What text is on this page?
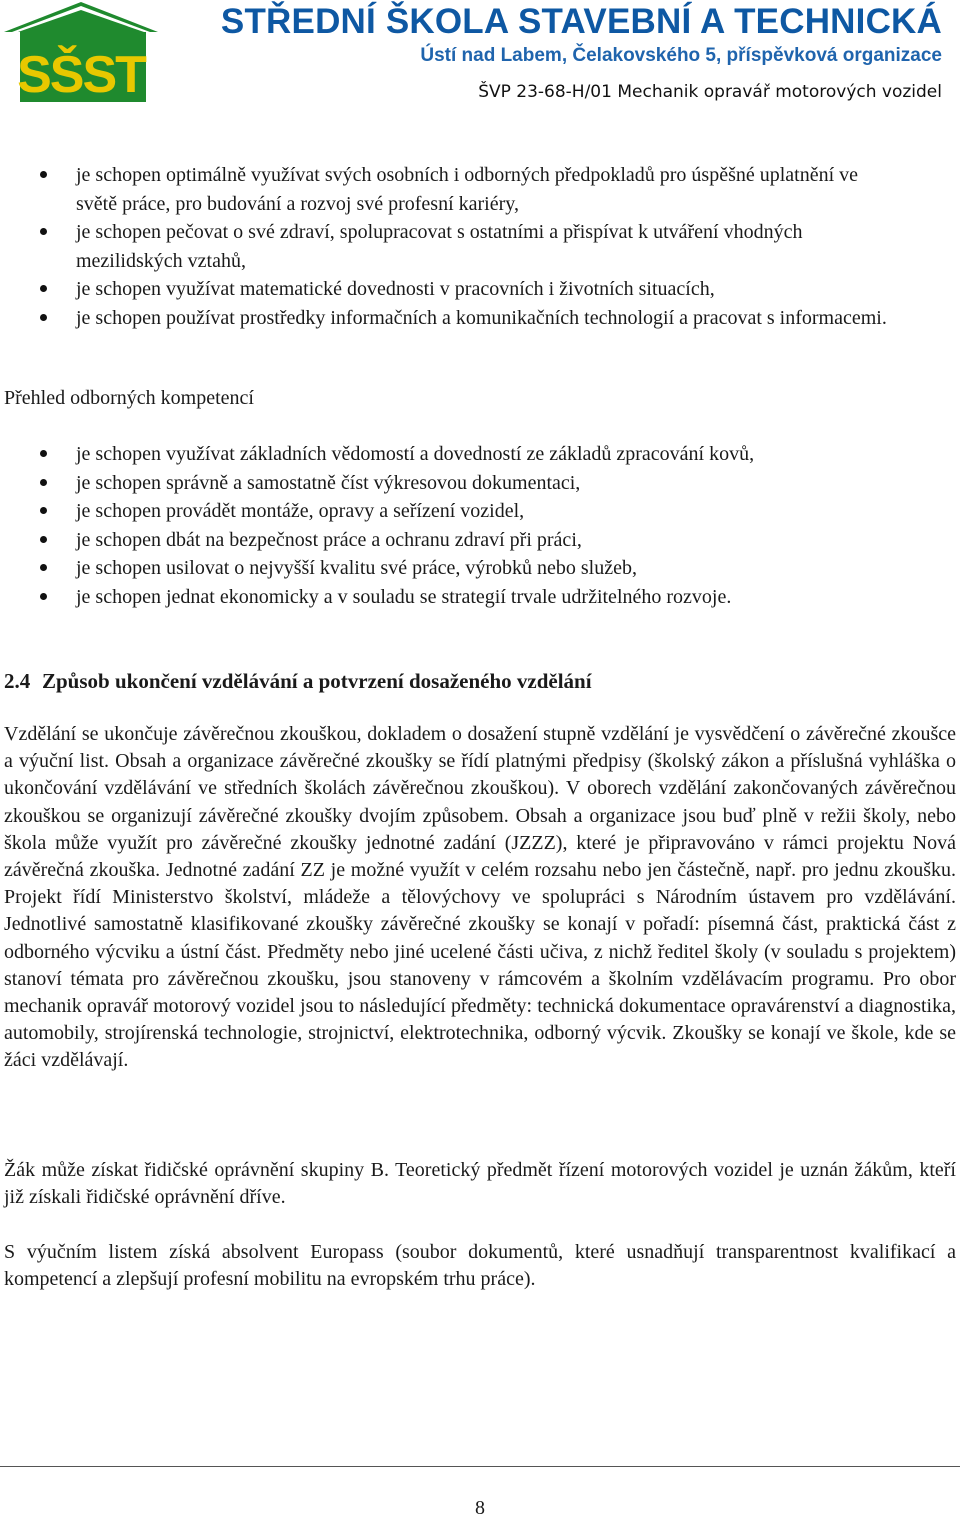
SŠST
STŘEDNÍ ŠKOLA STAVEBNÍ A TECHNICKÁ
Ústí nad Labem, Čelakovského 5, příspěvková organizace
ŠVP 23-68-H/01 Mechanik opravář motorových vozidel
je schopen optimálně využívat svých osobních i odborných předpokladů pro úspěšné uplatnění ve světě práce, pro budování a rozvoj své profesní kariéry,
je schopen pečovat o své zdraví, spolupracovat s ostatními a přispívat k utváření vhodných mezilidských vztahů,
je schopen využívat matematické dovednosti v pracovních i životních situacích,
je schopen používat prostředky informačních a komunikačních technologií a pracovat s informacemi.
Přehled odborných kompetencí
je schopen využívat základních vědomostí a dovedností ze základů zpracování kovů,
je schopen správně a samostatně číst výkresovou dokumentaci,
je schopen provádět montáže, opravy a seřízení vozidel,
je schopen dbát na bezpečnost práce a ochranu zdraví při práci,
je schopen usilovat o nejvyšší kvalitu své práce, výrobků nebo služeb,
je schopen jednat ekonomicky a v souladu se strategií trvale udržitelného rozvoje.
2.4 Způsob ukončení vzdělávání a potvrzení dosaženého vzdělání

Vzdělání se ukončuje závěrečnou zkouškou, dokladem o dosažení stupně vzdělání je vysvědčení o závěrečné zkoušce a výuční list. Obsah a organizace závěrečné zkoušky se řídí platnými předpisy (školský zákon a příslušná vyhláška o ukončování vzdělávání ve středních školách závěrečnou zkouškou). V oborech vzdělání zakončovaných závěrečnou zkouškou se organizují závěrečné zkoušky dvojím způsobem. Obsah a organizace jsou buď plně v režii školy, nebo škola může využít pro závěrečné zkoušky jednotné zadání (JZZZ), které je připravováno v rámci projektu Nová závěrečná zkouška. Jednotné zadání ZZ je možné využít v celém rozsahu nebo jen částečně, např. pro jednu zkoušku. Projekt řídí Ministerstvo školství, mládeže a tělovýchovy ve spolupráci s Národním ústavem pro vzdělávání. Jednotlivé samostatně klasifikované zkoušky závěrečné zkoušky se konají v pořadí: písemná část, praktická část z odborného výcviku a ústní část. Předměty nebo jiné ucelené části učiva, z nichž ředitel školy (v souladu s projektem) stanoví témata pro závěrečnou zkoušku, jsou stanoveny v rámcovém a školním vzdělávacím programu. Pro obor mechanik opravář motorový vozidel jsou to následující předměty: technická dokumentace opravárenství a diagnostika, automobily, strojírenská technologie, strojnictví, elektrotechnika, odborný výcvik. Zkoušky se konají ve škole, kde se žáci vzdělávají.

Žák může získat řidičské oprávnění skupiny B. Teoretický předmět řízení motorových vozidel je uznán žákům, kteří již získali řidičské oprávnění dříve.

S výučním listem získá absolvent Europass (soubor dokumentů, které usnadňují transparentnost kvalifikací a kompetencí a zlepšují profesní mobilitu na evropském trhu práce).

8
